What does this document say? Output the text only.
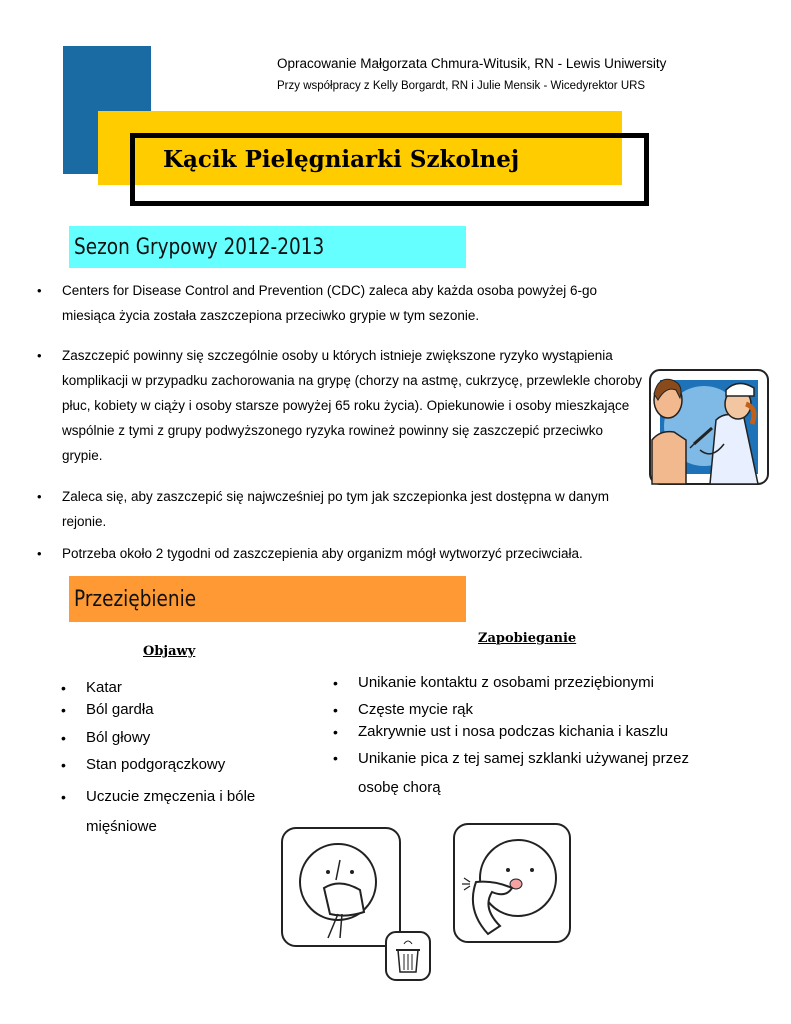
Kącik Pielęgniarki Szkolnej
Opracowanie Małgorzata Chmura-Witusik, RN - Lewis Uniwersity
Przy współpracy z Kelly Borgardt, RN i Julie Mensik - Wicedyrektor URS
Sezon Grypowy 2012-2013
• Centers for Disease Control and Prevention (CDC) zaleca aby każda osoba powyżej 6-go miesiąca życia została zaszczepiona przeciwko grypie w tym sezonie.
• Zaszczepić powinny się szczególnie osoby u których istnieje zwiększone ryzyko wystąpienia komplikacji w przypadku zachorowania na grypę (chorzy na astmę, cukrzycę, przewlekle choroby płuc, kobiety w ciąży i osoby starsze powyżej 65 roku życia). Opiekunowie i osoby mieszkające wspólnie z tymi z grupy podwyższonego ryzyka rowineż powinny się zaszczepić przeciwko grypie.
• Zaleca się, aby zaszczepić się najwcześniej po tym jak szczepionka jest dostępna w danym rejonie.
• Potrzeba około 2 tygodni od zaszczepienia aby organizm mógł wytworzyć przeciwciała.
Przeziębienie
Objawy
Zapobieganie
• Katar
• Ból gardła
• Ból głowy
• Stan podgorączkowy
• Uczucie zmęczenia i bóle mięśniowe
• Unikanie kontaktu z osobami przeziębionymi
• Częste mycie rąk
• Zakrywnie ust i nosa podczas kichania i kaszlu
• Unikanie pica z tej samej szklanki używanej przez osobę chorą
